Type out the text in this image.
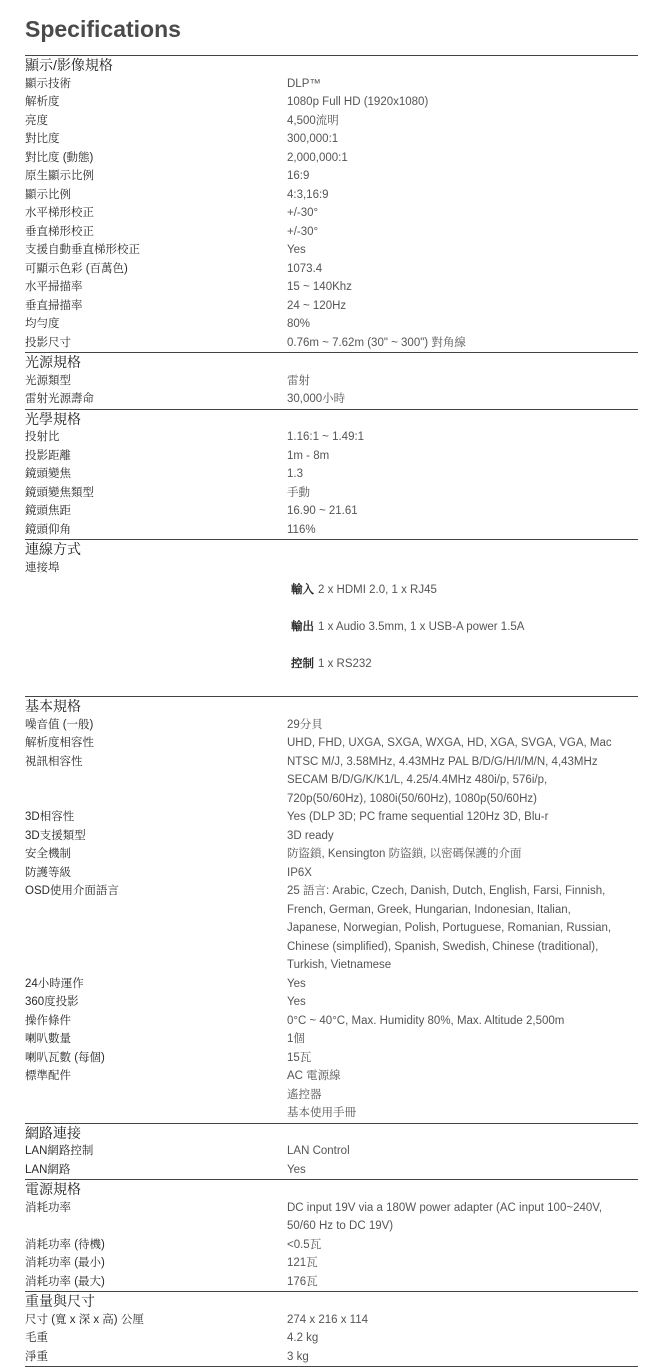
Specifications
顯示/影像規格
顯示技術	DLP™
解析度	1080p Full HD (1920x1080)
亮度	4,500流明
對比度	300,000:1
對比度 (動態)	2,000,000:1
原生顯示比例	16:9
顯示比例	4:3,16:9
水平梯形校正	+/-30°
垂直梯形校正	+/-30°
支援自動垂直梯形校正	Yes
可顯示色彩 (百萬色)	1073.4
水平掃描率	15 ~ 140Khz
垂直掃描率	24 ~ 120Hz
均勻度	80%
投影尺寸	0.76m ~ 7.62m (30" ~ 300") 對角線
光源規格
光源類型	雷射
雷射光源壽命	30,000小時
光學規格
投射比	1.16:1 ~ 1.49:1
投影距離	1m - 8m
鏡頭變焦	1.3
鏡頭變焦類型	手動
鏡頭焦距	16.90 ~ 21.61
鏡頭仰角	116%
連線方式
連接埠

輸入 2 x HDMI 2.0, 1 x RJ45

輸出 1 x Audio 3.5mm, 1 x USB-A power 1.5A

控制 1 x RS232

基本規格
噪音值 (一般)	29分貝
解析度相容性	UHD, FHD, UXGA, SXGA, WXGA, HD, XGA, SVGA, VGA, Mac
視訊相容性	NTSC M/J, 3.58MHz, 4.43MHz PAL B/D/G/H/I/M/N, 4,43MHz
SECAM B/D/G/K/K1/L, 4.25/4.4MHz 480i/p, 576i/p,
720p(50/60Hz), 1080i(50/60Hz), 1080p(50/60Hz)
3D相容性	Yes (DLP 3D; PC frame sequential 120Hz 3D, Blu-r
3D支援類型	3D ready
安全機制	防盜鎖, Kensington 防盜鎖, 以密碼保護的介面
防護等級	IP6X
OSD使用介面語言	25 語言: Arabic, Czech, Danish, Dutch, English, Farsi, Finnish,
French, German, Greek, Hungarian, Indonesian, Italian,
Japanese, Norwegian, Polish, Portuguese, Romanian, Russian,
Chinese (simplified), Spanish, Swedish, Chinese (traditional),
Turkish, Vietnamese
24小時運作	Yes
360度投影	Yes
操作條件	0°C ~ 40°C, Max. Humidity 80%, Max. Altitude 2,500m
喇叭數量	1個
喇叭瓦數 (每個)	15瓦
標準配件	AC 電源線
遙控器
基本使用手冊
網路連接
LAN網路控制	LAN Control
LAN網路	Yes
電源規格
消耗功率	DC input 19V via a 180W power adapter (AC input 100~240V,
50/60 Hz to DC 19V)
消耗功率 (待機)	<0.5瓦
消耗功率 (最小)	121瓦
消耗功率 (最大)	176瓦
重量與尺寸
尺寸 (寬 x 深 x 高) 公厘	274 x 216 x 114
毛重	4.2 kg
淨重	3 kg
